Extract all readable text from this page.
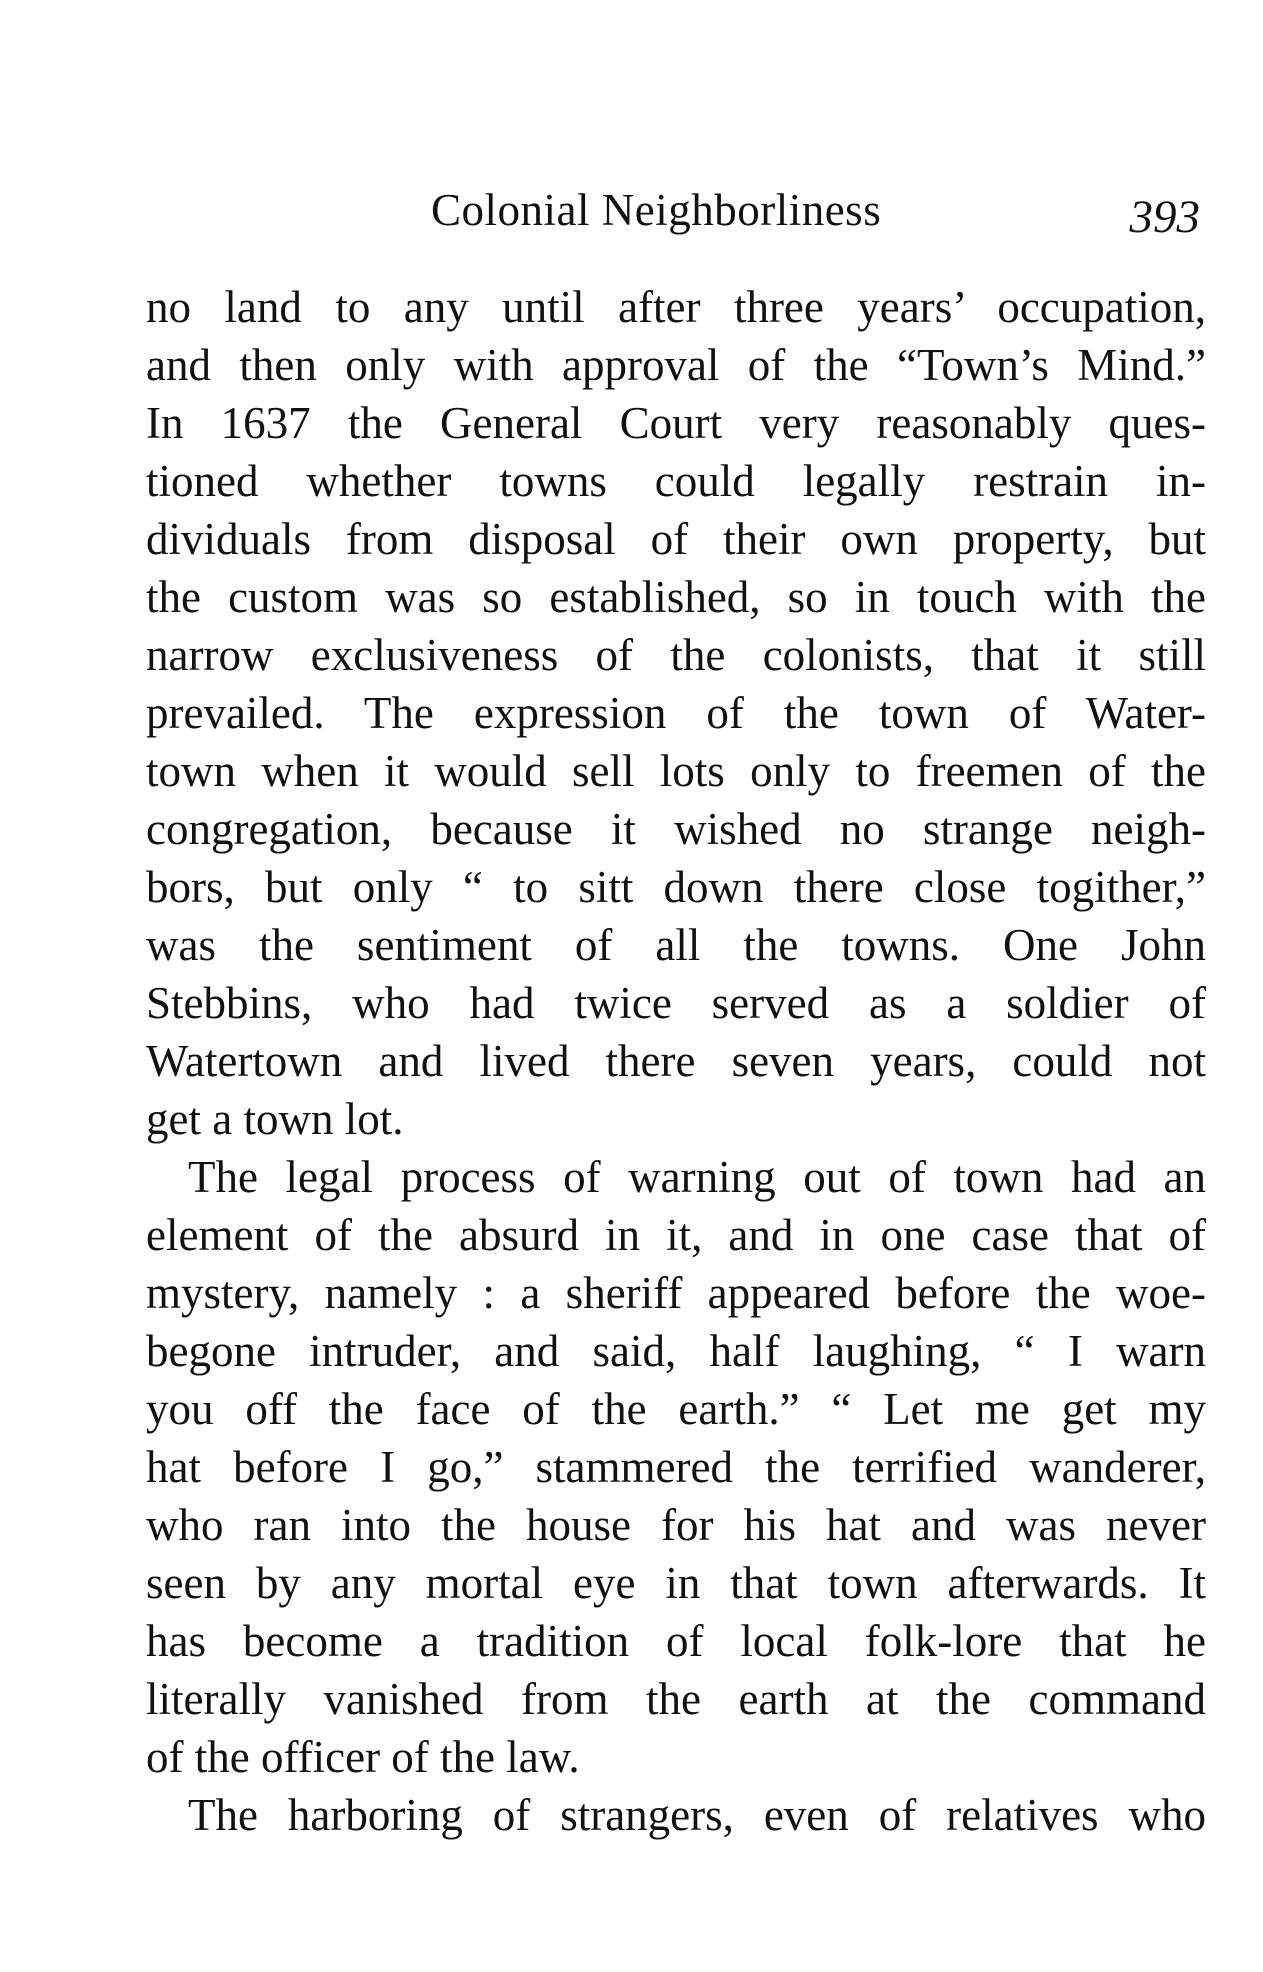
Colonial Neighborliness	393
no land to any until after three years’ occupation,
and then only with approval of the “Town’s Mind.”
In 1637 the General Court very reasonably ques-
tioned whether towns could legally restrain in-
dividuals from disposal of their own property, but
the custom was so established, so in touch with the
narrow exclusiveness of the colonists, that it still
prevailed. The expression of the town of Water-
town when it would sell lots only to freemen of the
congregation, because it wished no strange neigh-
bors, but only “ to sitt down there close togither,”
was the sentiment of all the towns. One John
Stebbins, who had twice served as a soldier of
Watertown and lived there seven years, could not
get a town lot.
The legal process of warning out of town had an
element of the absurd in it, and in one case that of
mystery, namely : a sheriff appeared before the woe-
begone intruder, and said, half laughing, “ I warn
you off the face of the earth.” “ Let me get my
hat before I go,” stammered the terrified wanderer,
who ran into the house for his hat and was never
seen by any mortal eye in that town afterwards. It
has become a tradition of local folk-lore that he
literally vanished from the earth at the command
of the officer of the law.
The harboring of strangers, even of relatives who
